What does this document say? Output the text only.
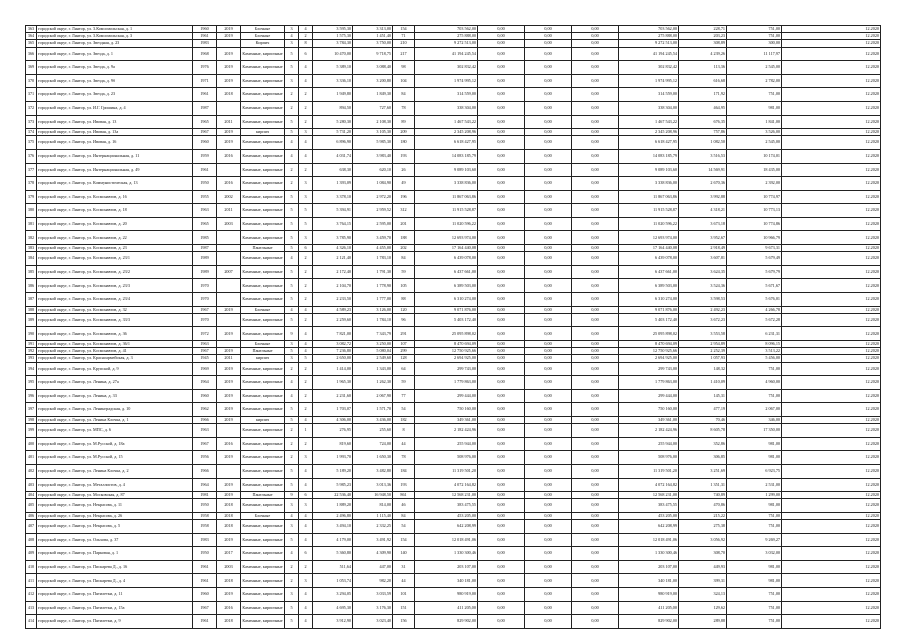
363	городской округ, г. Лянтор, ул. 3.Комсомольская, д. 1	1960	2019	Блочные	3	4	3 595,30	3 313,00	154	703 562,00	0,00	0,00	0,00	703 562,00	228,71	751,00	12.2020
364	городской округ, г. Лянтор, ул. 3.Комсомольская, д. 3	1961	2019	Блочные	4	2	1 575,30	1 451,40	71	275 888,00	0,00	0,00	0,00	275 888,00	203,23	751,00	12.2020
365	городской округ, г. Лянтор, ул. Звездная, д. 23	1983		Кирпич	3	8	3 784,30	3 750,00	210	9 272 513,00	0,00	0,00	0,00	9 272 513,00	308,89	300,00	12.2020
366	городской округ, г. Лянтор, ул. Звезда, д. 1	1968	2019	Каменные, кирпичные	5	6	10 470,00	9 718,75	217	41 194 245,54	0,00	0,00	0,00	41 194 245,54	4 239,26	11 117,97	12.2020
369	городской округ, г. Лянтор, ул. Звезда, д. 9а	1976	2019	Каменные, кирпичные	5	4	5 389,10	3 088,40	98	302 832,42	0,00	0,00	0,00	302 832,42	113,36	2 545,00	12.2020
370	городской округ, г. Лянтор, ул. Звезда, д. 9б	1971	2019	Каменные, кирпичные	3	4	3 336,10	3 200,80	104	1 974 995,12	0,00	0,00	0,00	1 974 995,12	616,68	2 782,00	12.2020
371	городской округ, г. Лянтор, ул. Звезда, д. 23	1961	2018	Каменные, кирпичные	2	2	1 949,80	1 849,30	84	314 559,00	0,00	0,00	0,00	314 559,00	171,92	751,00	12.2020
372	городской округ, г. Лянтор, ул. И.Г. Гришина, д. 4	1987		Каменные, кирпичные	2	2	894,50	727,60	78	338 304,00	0,00	0,00	0,00	338 304,00	464,95	981,00	12.2020
373	городской округ, г. Лянтор, ул. Ивовая, д. 13	1965	2011	Каменные, кирпичные	5	2	5 280,30	2 108,30	89	1 467 543,22	0,00	0,00	0,00	1 467 543,22	676,35	1 841,00	12.2020
374	городской округ, г. Лянтор, ул. Ивовая, д. 13а	1967	2019	кирпич	5	3	5 731,20	3 105,30	209	2 345 208,96	0,00	0,00	0,00	2 345 208,96	757,86	3 526,00	12.2020
375	городской округ, г. Лянтор, ул. Ивовая, д. 16	1960	2019	Каменные, кирпичные	4	4	6 896,90	5 985,30	180	6 618 427,95	0,00	0,00	0,00	6 618 427,95	1 082,50	2 545,00	12.2020
376	городской округ, г. Лянтор, ул. Интернациональная, д. 11	1959	2016	Каменные, кирпичные	4	4	4 031,74	3 983,40	193	14 083 185,79	0,00	0,00	0,00	14 083 185,79	3 516,53	10 174,01	12.2020
377	городской округ, г. Лянтор, ул. Интернациональная, д. 49	1961		Каменные, кирпичные	2	2	638,30	620,10	26	9 089 103,60	0,00	0,00	0,00	9 089 103,60	14 569,91	18 435,00	12.2020
378	городской округ, г. Лянтор, ул. Коммунистическая, д. 13	1950	2016	Каменные, кирпичные	2	3	1 393,09	1 084,90	49	3 338 836,00	0,00	0,00	0,00	3 338 836,00	2 670,36	2 392,00	12.2020
379	городской округ, г. Лянтор, ул. Космонавтов, д. 16	1955	2002	Каменные, кирпичные	5	3	3 378,10	2 972,20	196	11 867 063,86	0,00	0,00	0,00	11 867 063,86	3 992,88	10 774,97	12.2020
380	городской округ, г. Лянтор, ул. Космонавтов, д. 18	1963	2011	Каменные, кирпичные	5	5	5 394,91	2 959,52	312	11 915 528,87	0,00	0,00	0,00	11 915 528,87	4 318,21	10 773,13	12.2020
381	городской округ, г. Лянтор, ул. Космонавтов, д. 20	1965	2003	Каменные, кирпичные	5	5	3 764,15	2 595,00	201	11 020 596,22	0,00	0,00	0,00	11 020 596,22	3 673,18	10 774,86	12.2020
382	городской округ, г. Лянтор, ул. Космонавтов, д. 22	1985		Каменные, кирпичные	5	3	3 785,90	3 459,70	188	12 693 974,00	0,00	0,00	0,00	12 693 974,00	3 952,67	10 966,79	12.2020
383	городской округ, г. Лянтор, ул. Космонавтов, д. 23	1987		Панельные	5	6	4 326,10	4 455,00	202	17 164 440,08	0,00	0,00	0,00	17 164 440,08	2 918,49	9 673,31	12.2020
384	городской округ, г. Лянтор, ул. Космонавтов, д. 23/1	1989		Каменные, кирпичные	4	2	2 121,40	1 783,10	84	6 439 078,00	0,00	0,00	0,00	6 439 078,00	3 607,81	5 679,49	12.2020
385	городской округ, г. Лянтор, ул. Космонавтов, д. 23/2	1989	2007	Каменные, кирпичные	5	2	2 172,40	1 791,30	59	6 437 661,00	0,00	0,00	0,00	6 437 661,00	3 624,35	5 679,79	12.2020
386	городской округ, г. Лянтор, ул. Космонавтов, д. 23/3	1970		Каменные, кирпичные	5	2	2 104,70	1 778,90	105	6 389 503,00	0,00	0,00	0,00	6 389 503,00	3 524,36	5 671,67	12.2020
387	городской округ, г. Лянтор, ул. Космонавтов, д. 23/4	1970		Каменные, кирпичные	5	2	2 233,50	1 777,00	88	6 310 274,00	0,00	0,00	0,00	6 310 274,00	3 598,53	5 676,01	12.2020
388	городской округ, г. Лянтор, ул. Космонавтов, д. 32	1967	2019	Блочные	4	4	4 589,23	3 126,00	120	9 071 876,00	0,00	0,00	0,00	9 071 876,00	2 492,23	4 266,78	12.2020
389	городской округ, г. Лянтор, ул. Космонавтов, д. 33/3	1970		Каменные, кирпичные	5	2	2 259,60	1 784,10	96	5 403 172,40	0,00	0,00	0,00	5 403 172,40	3 672,23	5 672,28	12.2020
390	городской округ, г. Лянтор, ул. Космонавтов, д. 36	1972	2019	Каменные, кирпичные	9	4	7 821,00	7 343,79	291	25 095 898,02	0,00	0,00	0,00	25 095 898,02	3 553,58	6 231,31	12.2020
391	городской округ, г. Лянтор, ул. Космонавтов, д. 36/1	1963		Блочные	3	4	3 082,72	3 250,00	107	8 470 694,09	0,00	0,00	0,00	8 470 694,09	2 954,89	8 096,15	12.2020
392	городской округ, г. Лянтор, ул. Космонавтов, д. 41	1967	2019	Панельные	5	4	7 236,80	5 080,04	299	12 750 925,66	0,00	0,00	0,00	12 750 925,66	2 252,39	3 513,22	12.2020
393	городской округ, г. Лянтор, ул. Красноармейская, д. 3	1945	2011	кирпич	3	5	2 650,00	2 549,60	128	2 694 925,00	0,00	0,00	0,00	2 694 925,00	1 057,93	5 456,00	12.2020
394	городской округ, г. Лянтор, ул. Крупской, д. 9	1969	2019	Каменные, кирпичные	2	2	1 414,00	1 343,00	64	299 743,00	0,00	0,00	0,00	299 743,00	148,32	751,00	12.2020
395	городской округ, г. Лянтор, ул. Ленина, д. 27а	1964	2019	Каменные, кирпичные	4	2	1 965,30	1 262,30	59	1 779 863,00	0,00	0,00	0,00	1 779 863,00	1 410,09	4 960,00	12.2020
396	городской округ, г. Лянтор, ул. Ленина, д. 33	1960	2019	Каменные, кирпичные	4	2	2 231,60	2 067,90	77	299 444,00	0,00	0,00	0,00	299 444,00	145,31	751,00	12.2020
397	городской округ, г. Лянтор, ул. Ленинградская, д. 10	1962	2019	Каменные, кирпичные	5	2	1 703,07	1 571,70	54	750 160,00	0,00	0,00	0,00	750 160,00	477,19	2 067,00	12.2020
398	городской округ, г. Лянтор, ул. Ленина Клочка, д. 1	1966	2019	кирпич	5	4	4 306,00	3 436,00	182	349 361,00	0,00	0,00	0,00	349 361,00	70,46	346,00	12.2020
399	городской округ, г. Лянтор, ул. МПС, д. 6	1963		Каменные, кирпичные	2	1	276,95	255,60	8	2 182 424,96	0,00	0,00	0,00	2 182 424,96	8 605,78	17 350,00	12.2020
400	городской округ, г. Лянтор, ул. М.Русской, д. 18а	1967	2016	Каменные, кирпичные	2	2	819,60	724,00	44	255 944,00	0,00	0,00	0,00	255 944,00	352,86	981,00	12.2020
401	городской округ, г. Лянтор, ул. М.Русской, д. 15	1956	2019	Каменные, кирпичные	2	3	1 993,70	1 650,30	78	508 976,00	0,00	0,00	0,00	508 976,00	306,85	981,00	12.2020
402	городской округ, г. Лянтор, ул. Ленина Клочка, д. 2	1966		Каменные, кирпичные	5	4	5 189,20	3 482,80	184	11 319 501,20	0,00	0,00	0,00	11 319 501,20	3 251,69	6 923,75	12.2020
403	городской округ, г. Лянтор, ул. Металлистов, д. 4	1964	2019	Каменные, кирпичные	5	4	5 985,23	3 013,36	193	4 072 164,82	0,00	0,00	0,00	4 072 164,82	1 351,31	2 531,00	12.2020
404	городской округ, г. Лянтор, ул. Московская, д. 87	1981	2019	Панельные	9	6	22 536,40	16 948,50	861	12 568 231,00	0,00	0,00	0,00	12 568 231,00	740,89	1 299,00	12.2020
405	городской округ, г. Лянтор, ул. Некрасова, д. 11	1950	2018	Каменные, кирпичные	3	3	1 889,20	814,00	46	383 475,55	0,00	0,00	0,00	383 475,55	470,86	981,00	12.2020
406	городской округ, г. Лянтор, ул. Некрасова, д. 26	1958	2018	Блочные	4	4	2 496,80	1 115,40	84	453 205,00	0,00	0,00	0,00	453 205,00	215,22	751,00	12.2020
407	городской округ, г. Лянтор, ул. Некрасова, д. 5	1958	2018	Каменные, кирпичные	3	4	3 494,10	2 332,25	54	642 208,99	0,00	0,00	0,00	642 208,99	275,38	751,00	12.2020
408	городской округ, г. Лянтор, ул. Ольхова, д. 37	1983	2019	Каменные, кирпичные	5	4	4 179,00	3 491,92	154	12 018 491,06	0,00	0,00	0,00	12 018 491,06	3 056,92	9 269,27	12.2020
409	городской округ, г. Лянтор, ул. Парковая, д. 1	1950	2017	Каменные, кирпичные	4	6	5 360,80	4 309,90	140	1 330 300,46	0,00	0,00	0,00	1 330 300,46	308,70	3 032,00	12.2020
410	городской округ, г. Лянтор, ул. Пискарева Д., д. 16	1961	2003	Каменные, кирпичные	2	2	511,64	447,00	31	203 107,00	0,00	0,00	0,00	203 107,00	449,93	981,00	12.2020
411	городской округ, г. Лянтор, ул. Пискарева Д., д. 4	1961	2018	Каменные, кирпичные	2	3	1 053,74	982,20	44	340 181,00	0,00	0,00	0,00	340 181,00	399,31	981,00	12.2020
412	городской округ, г. Лянтор, ул. Пятилетки, д. 11	1960	2019	Каменные, кирпичные	3	4	3 294,05	3 033,59	101	980 919,00	0,00	0,00	0,00	980 919,00	324,13	751,00	12.2020
413	городской округ, г. Лянтор, ул. Пятилетки, д. 15а	1967	2016	Каменные, кирпичные	5	4	4 695,30	3 176,30	151	411 205,00	0,00	0,00	0,00	411 205,00	129,62	751,00	12.2020
414	городской округ, г. Лянтор, ул. Пятилетки, д. 9	1961	2018	Каменные, кирпичные	5	4	3 912,90	3 023,40	156	829 902,00	0,00	0,00	0,00	829 902,00	289,88	751,00	12.2020
